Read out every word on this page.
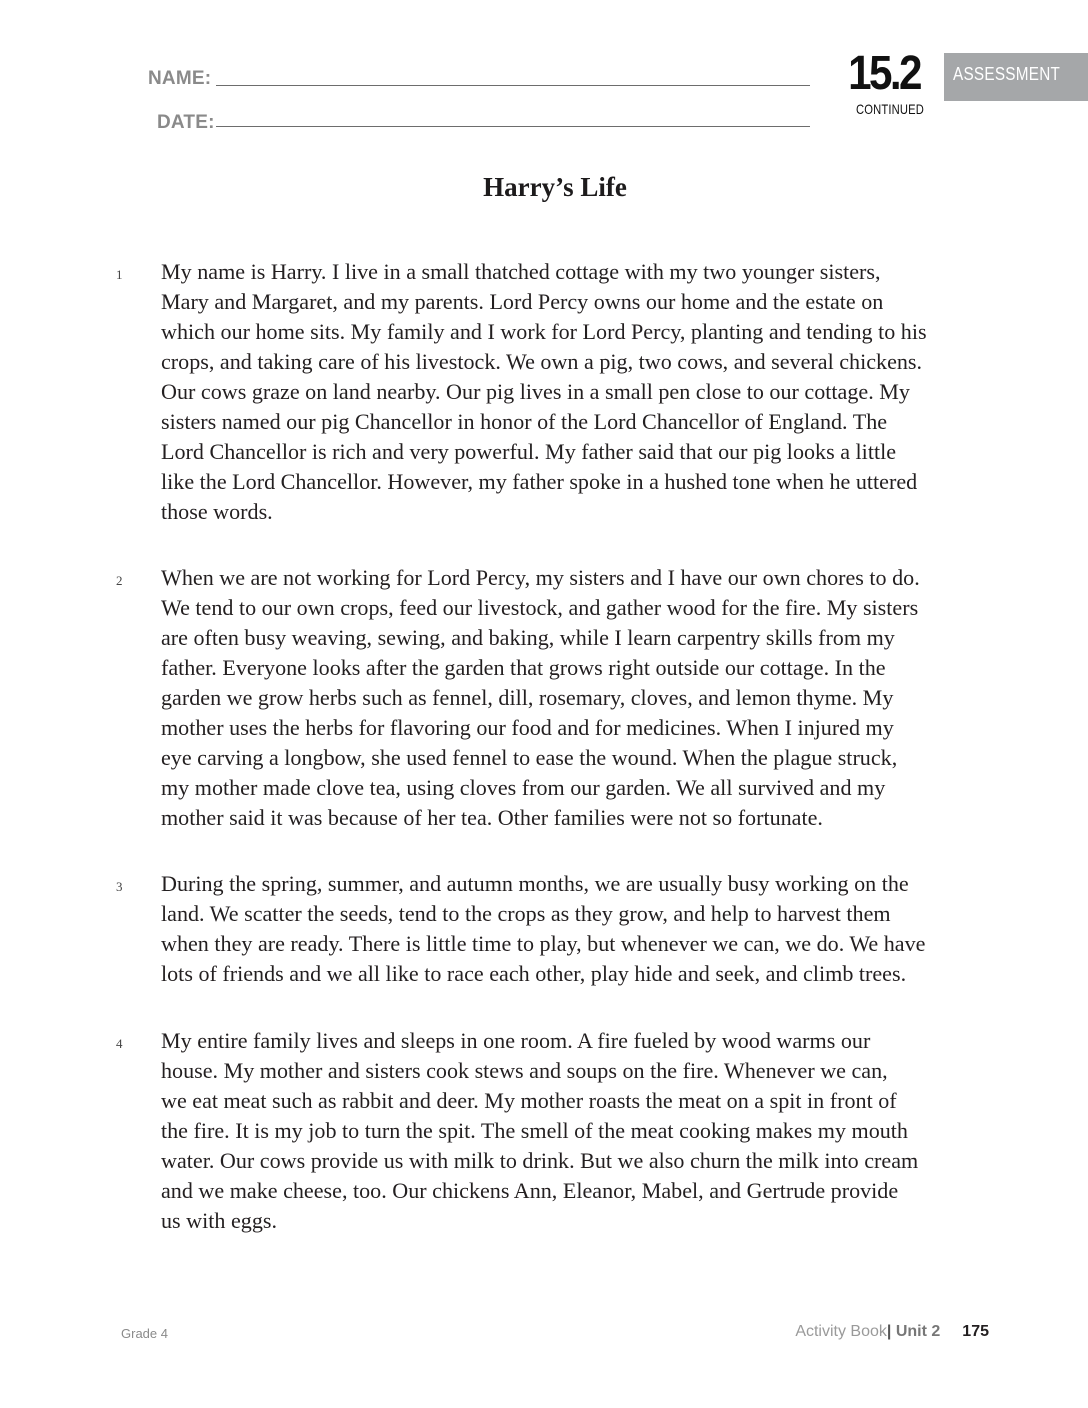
NAME:
DATE:
15.2
CONTINUED
ASSESSMENT
Harry’s Life
1 My name is Harry. I live in a small thatched cottage with my two younger sisters,

Mary and Margaret, and my parents. Lord Percy owns our home and the estate on

which our home sits. My family and I work for Lord Percy, planting and tending to his

crops, and taking care of his livestock. We own a pig, two cows, and several chickens.

Our cows graze on land nearby. Our pig lives in a small pen close to our cottage. My

sisters named our pig Chancellor in honor of the Lord Chancellor of England. The

Lord Chancellor is rich and very powerful. My father said that our pig looks a little

like the Lord Chancellor. However, my father spoke in a hushed tone when he uttered

those words.

2 When we are not working for Lord Percy, my sisters and I have our own chores to do.

We tend to our own crops, feed our livestock, and gather wood for the fire. My sisters

are often busy weaving, sewing, and baking, while I learn carpentry skills from my

father. Everyone looks after the garden that grows right outside our cottage. In the

garden we grow herbs such as fennel, dill, rosemary, cloves, and lemon thyme. My

mother uses the herbs for flavoring our food and for medicines. When I injured my

eye carving a longbow, she used fennel to ease the wound. When the plague struck,

my mother made clove tea, using cloves from our garden. We all survived and my

mother said it was because of her tea. Other families were not so fortunate.

3 During the spring, summer, and autumn months, we are usually busy working on the

land. We scatter the seeds, tend to the crops as they grow, and help to harvest them

when they are ready. There is little time to play, but whenever we can, we do. We have

lots of friends and we all like to race each other, play hide and seek, and climb trees.

4 My entire family lives and sleeps in one room. A fire fueled by wood warms our

house. My mother and sisters cook stews and soups on the fire. Whenever we can,

we eat meat such as rabbit and deer. My mother roasts the meat on a spit in front of

the fire. It is my job to turn the spit. The smell of the meat cooking makes my mouth

water. Our cows provide us with milk to drink. But we also churn the milk into cream

and we make cheese, too. Our chickens Ann, Eleanor, Mabel, and Gertrude provide

us with eggs.

Grade 4	Activity Book| Unit 2 175
